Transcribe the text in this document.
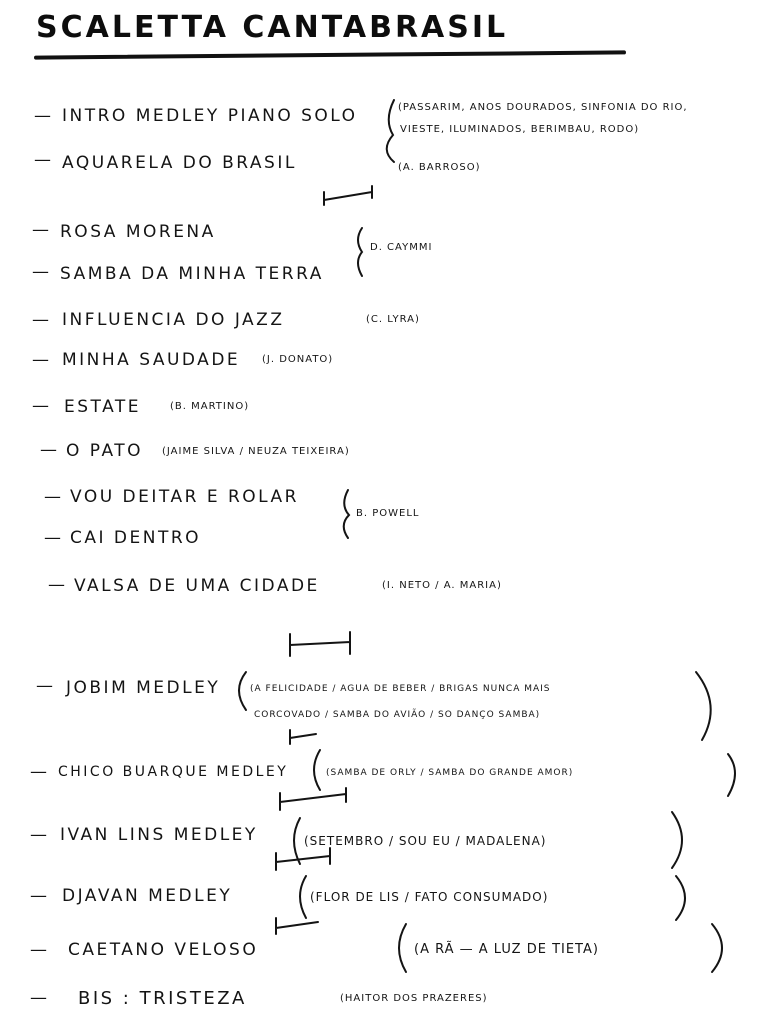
SCALETTA CANTABRASIL
—
—
—
—
—
—
—
—
—
—
—
—
—
—
—
—
—
INTRO MEDLEY PIANO SOLO
AQUARELA DO BRASIL
ROSA MORENA
SAMBA DA MINHA TERRA
INFLUENCIA DO JAZZ
MINHA SAUDADE
ESTATE
O PATO
VOU DEITAR E ROLAR
CAI DENTRO
VALSA DE UMA CIDADE
JOBIM MEDLEY
CHICO BUARQUE MEDLEY
IVAN LINS MEDLEY
DJAVAN MEDLEY
CAETANO VELOSO
BIS : TRISTEZA
(C. LYRA)
(J. DONATO)
(B. MARTINO)
(JAIME SILVA / NEUZA TEIXEIRA)
(I. NETO / A. MARIA)
(SAMBA DE ORLY / SAMBA DO GRANDE AMOR)
(SETEMBRO / SOU EU / MADALENA)
(FLOR DE LIS / FATO CONSUMADO)
(A RÃ — A LUZ DE TIETA)
(HAITOR DOS PRAZERES)
(PASSARIM, ANOS DOURADOS, SINFONIA DO RIO,
VIESTE, ILUMINADOS, BERIMBAU, RODO)
(A. BARROSO)
D. CAYMMI
B. POWELL
(A FELICIDADE / AGUA DE BEBER / BRIGAS NUNCA MAIS
CORCOVADO / SAMBA DO AVIÃO / SO DANÇO SAMBA)
